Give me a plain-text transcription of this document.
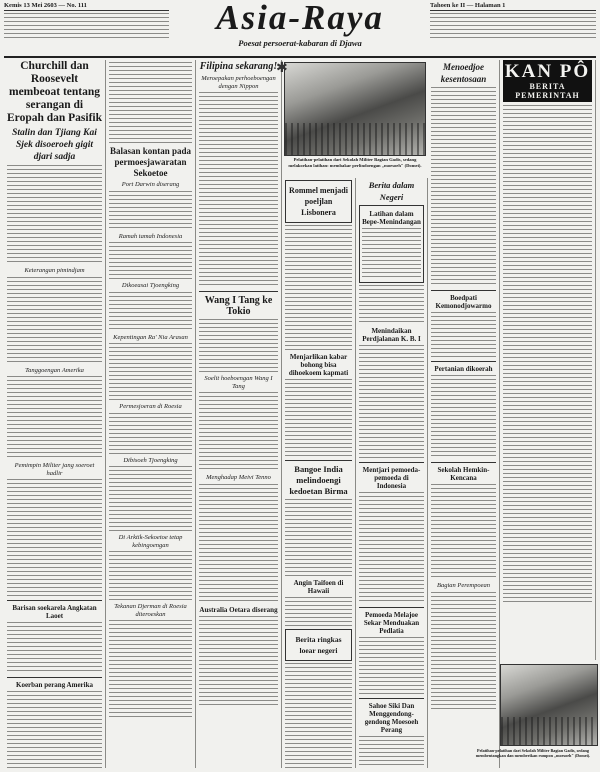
Kemis 13 Mei 2603 — No. 111	Asia-Raya
Poesat persoerat-kabaran di Djawa
Tahoen ke II — Halaman 1
Churchill dan Roosevelt membeoat tentang serangan di Eropah dan Pasifik
Stalin dan Tjiang Kai Sjek disoeroeh gigit djari sadja
Keterangan pimindjam
Tanggoengan Amerika
Pemimpin Militer jang soeroet hadlir
Barisan soekarela Angkatan Laoet
Koerban perang Amerika
Balasan kontan pada permoesjawaratan Sekoetoe
Port Darwin diserang
Ramah tamah Indonesia
Dikoeasai Tjoengking
Kepentingan Ra' Nia Arasan
Permesjoeran di Roesia
Dibisoeh Tjoengking
Di Arktik-Sekoetoe tetap kebingoengan
Tekanan Djerman di Roesia diteroeskan
Filipina sekarang!
Meroepakan perhoeboengan dengan Nippon
Wang I Tang ke Tokio
Soelit hoeboengan Wang I Tang
Menghadap Meivi Tenno
Australia Oetara diserang
✱
Pelatihan-pelatihan dari Sekolah Militer Bagian Gadis, sedang melakoekan latihan: membakar perlindoengan „moesoeh" (Domei).
Rommel menjadi poeljlan Lisbonera
Menjarlikan kabar bohong bisa dihoekoem kapmati
Bangoe India melindoengi kedoetan Birma
Angin Taifoen di Hawaii
Berita ringkas loear negeri
Berita dalam Negeri
Latihan dalam Bepe-Menindangan
Menindaikan Perdjalanan K. B. I
Mentjari pemoeda-pemoeda di Indonesia
Pemoeda Melajoe Sekar Menduakan Pedlatia
Sahoe Siki Dan Menggendong-gendong Moesoeh Perang
Menoedjoe kesentosaan
Boedpati Kemonodjowarmo
Pertanian dikoerah
Sekolah Hemkin-Kencana
Bagian Perempoean
KAN PÔ
BERITA PEMERINTAH
Pelatihan-pelatihan dari Sekolah Militer Bagian Gadis, sedang membentangkan dan memberikan rumpon „moesoeh" (Domei).
